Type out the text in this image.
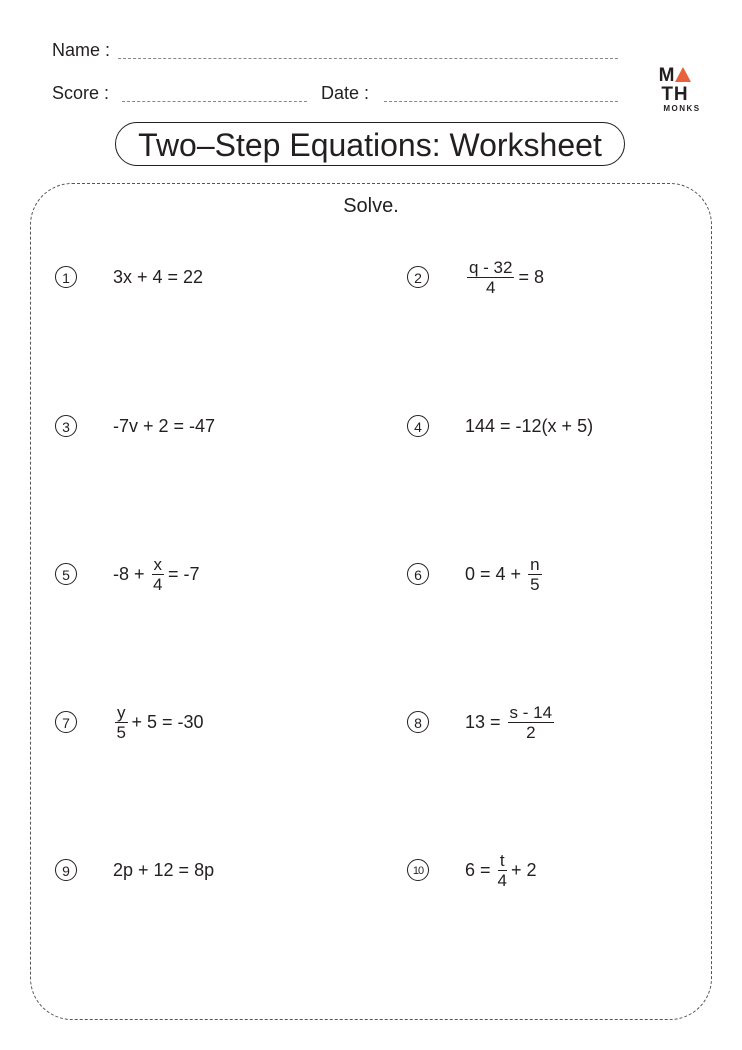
Name :
Score :	Date :
MTH
MONKS
Two–Step Equations: Worksheet
Solve.
1	3x + 4 = 22	2	$\frac{q - 32}{4} = 8$
3	-7v + 2 = -47	4	144 = -12(x + 5)
5	$-8 + \frac{x}{4} = -7$	6	$0 = 4 + \frac{n}{5}$
7	$\frac{y}{5} + 5 = -30$	8	$13 = \frac{s - 14}{2}$
9	2p + 12 = 8p	10	$6 = \frac{t}{4} + 2$
